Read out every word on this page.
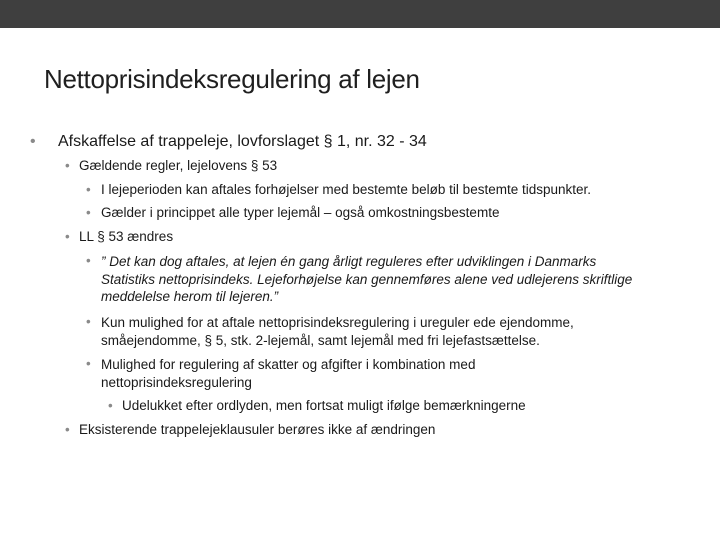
Nettoprisindeksregulering af lejen
• Afskaffelse af trappeleje, lovforslaget § 1, nr. 32 - 34
• Gældende regler, lejelovens § 53
• I lejeperioden kan aftales forhøjelser med bestemte beløb til bestemte tidspunkter.
• Gælder i princippet alle typer lejemål – også omkostningsbestemte
• LL § 53 ændres
• ” Det kan dog aftales, at lejen én gang årligt reguleres efter udviklingen i Danmarks
Statistiks nettoprisindeks. Lejeforhøjelse kan gennemføres alene ved udlejerens skriftlige
meddelelse herom til lejeren.”
• Kun mulighed for at aftale nettoprisindeksregulering i ureguler ede ejendomme,
småejendomme, § 5, stk. 2-lejemål, samt lejemål med fri lejefastsættelse.
• Mulighed for regulering af skatter og afgifter i kombination med
nettoprisindeksregulering
• Udelukket efter ordlyden, men fortsat muligt ifølge bemærkningerne
• Eksisterende trappelejeklausuler berøres ikke af ændringen
